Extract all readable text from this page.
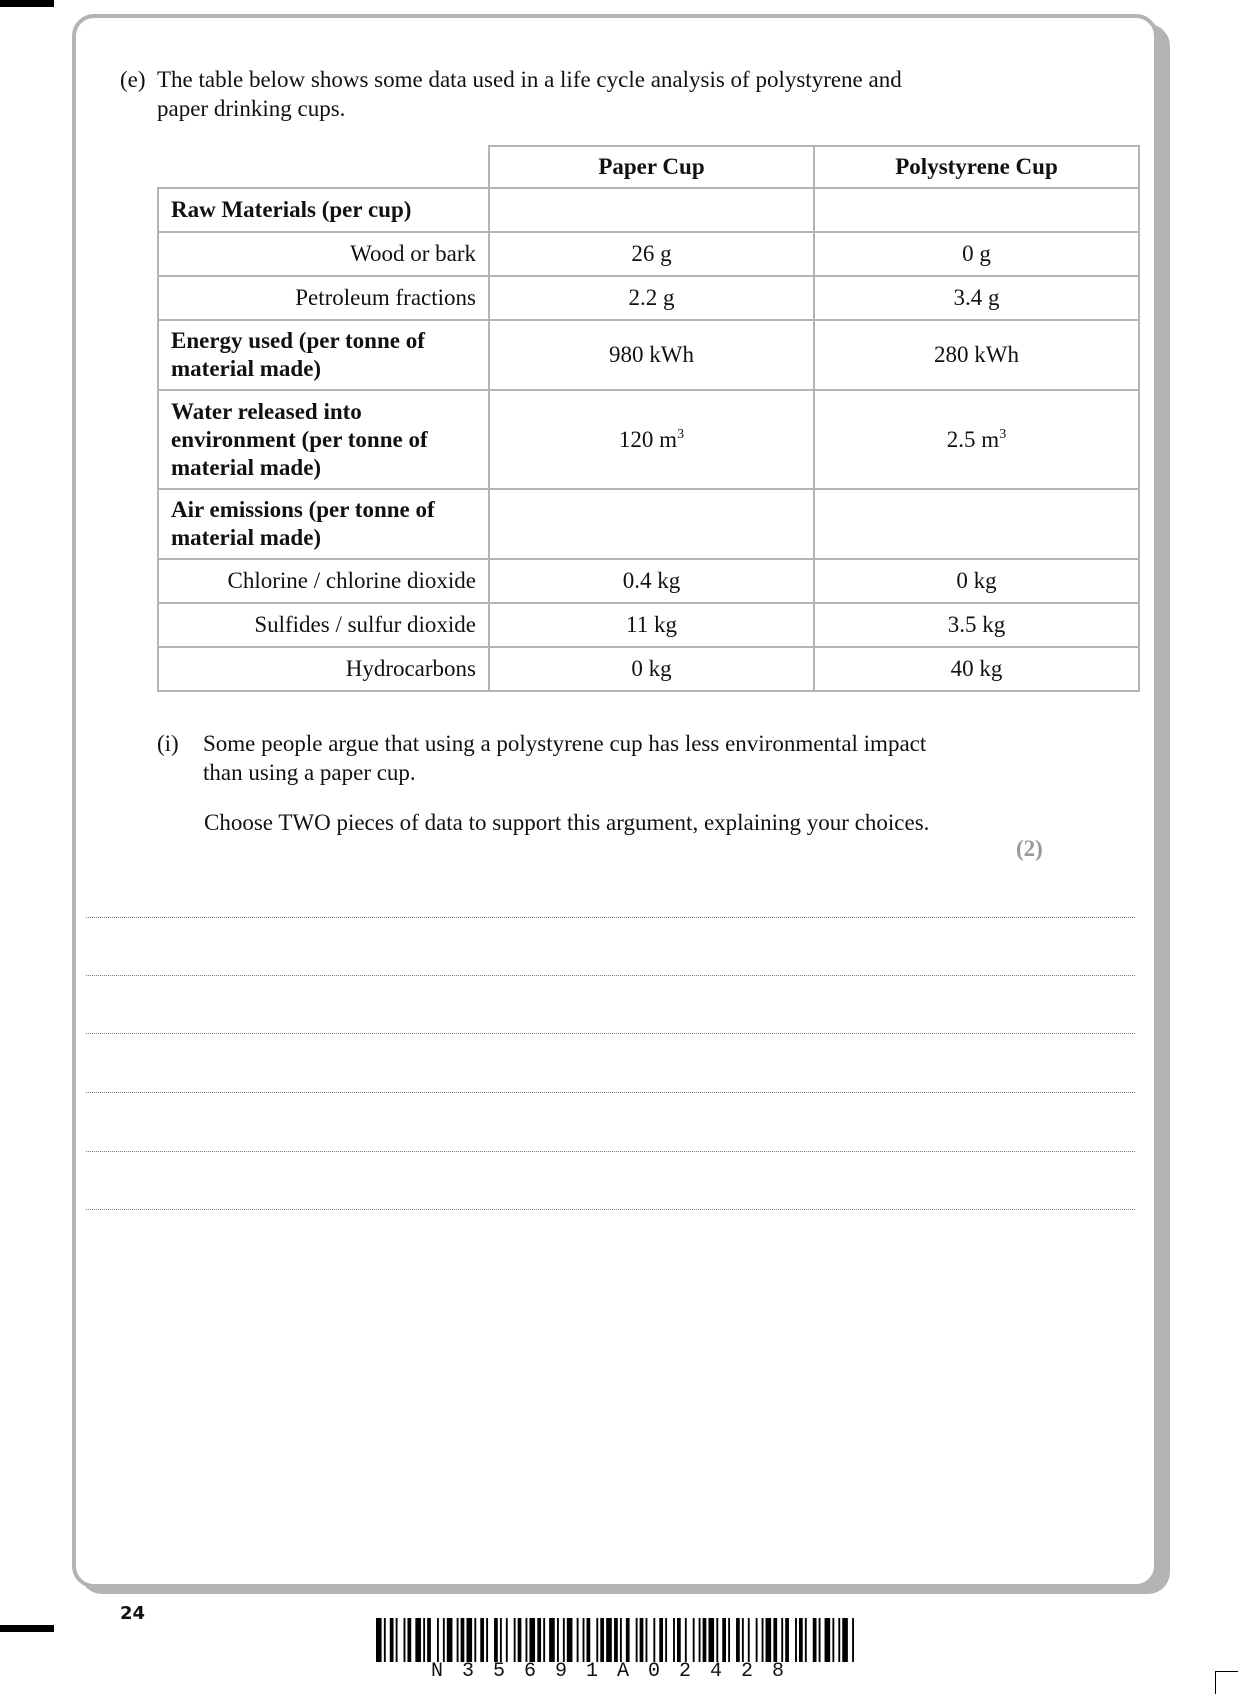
(e) The table below shows some data used in a life cycle analysis of polystyrene and
paper drinking cups.
	Paper Cup	Polystyrene Cup
Raw Materials (per cup)		
Wood or bark	26 g	0 g
Petroleum fractions	2.2 g	3.4 g

Energy used (per tonne of
material made)	980 kWh	280 kWh

Water released into
environment (per tonne of
material made)	120 $m^3$	2.5 $m^3$

Air emissions (per tonne of
material made)		

Chlorine / chlorine dioxide	0.4 kg	0 kg
Sulfides / sulfur dioxide	11 kg	3.5 kg
Hydrocarbons	0 kg	40 kg
(i) Some people argue that using a polystyrene cup has less environmental impact
than using a paper cup.
Choose TWO pieces of data to support this argument, explaining your choices.
(2)
24
N35691A02428
